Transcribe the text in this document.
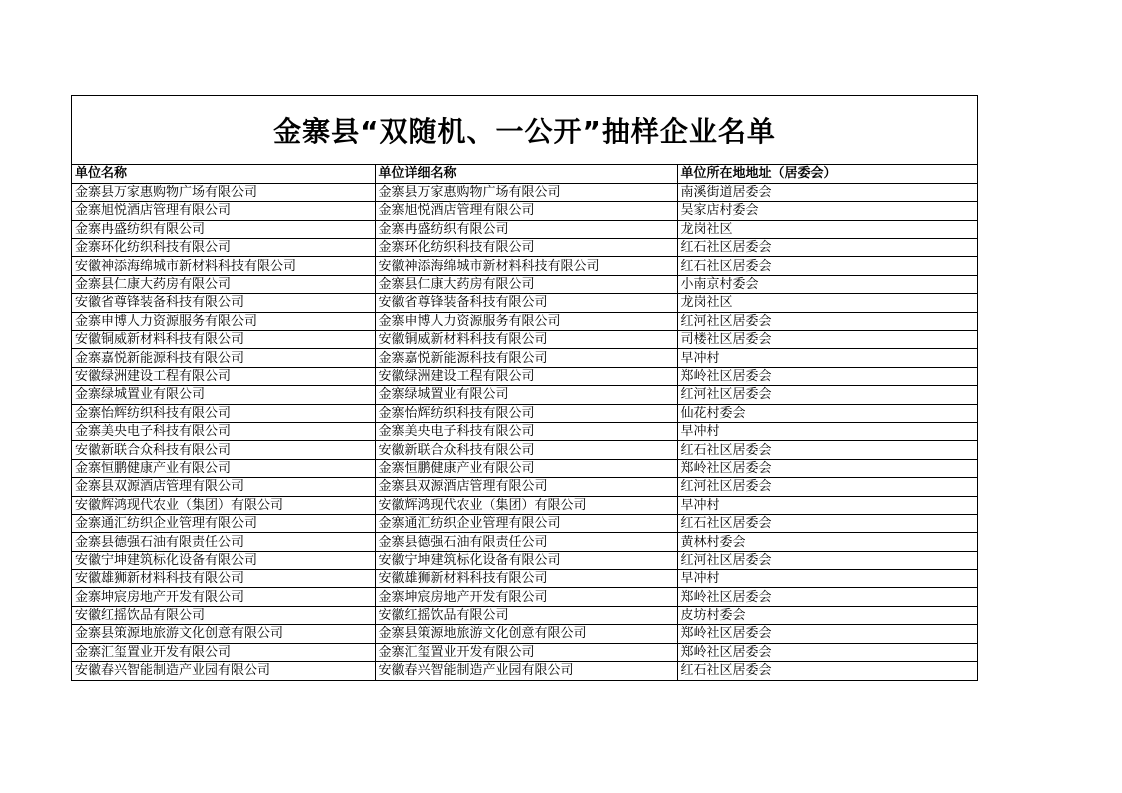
金寨县“双随机、一公开”抽样企业名单
单位名称	单位详细名称	单位所在地地址（居委会）
金寨县万家惠购物广场有限公司	金寨县万家惠购物广场有限公司	南溪街道居委会
金寨旭悦酒店管理有限公司	金寨旭悦酒店管理有限公司	吴家店村委会
金寨冉盛纺织有限公司	金寨冉盛纺织有限公司	龙岗社区
金寨环化纺织科技有限公司	金寨环化纺织科技有限公司	红石社区居委会
安徽神添海绵城市新材料科技有限公司	安徽神添海绵城市新材料科技有限公司	红石社区居委会
金寨县仁康大药房有限公司	金寨县仁康大药房有限公司	小南京村委会
安徽省尊锋装备科技有限公司	安徽省尊锋装备科技有限公司	龙岗社区
金寨申博人力资源服务有限公司	金寨申博人力资源服务有限公司	红河社区居委会
安徽铜威新材料科技有限公司	安徽铜威新材料科技有限公司	司楼社区居委会
金寨嘉悦新能源科技有限公司	金寨嘉悦新能源科技有限公司	早冲村
安徽绿洲建设工程有限公司	安徽绿洲建设工程有限公司	郑岭社区居委会
金寨绿城置业有限公司	金寨绿城置业有限公司	红河社区居委会
金寨怡辉纺织科技有限公司	金寨怡辉纺织科技有限公司	仙花村委会
金寨美央电子科技有限公司	金寨美央电子科技有限公司	早冲村
安徽新联合众科技有限公司	安徽新联合众科技有限公司	红石社区居委会
金寨恒鹏健康产业有限公司	金寨恒鹏健康产业有限公司	郑岭社区居委会
金寨县双源酒店管理有限公司	金寨县双源酒店管理有限公司	红河社区居委会
安徽辉鸿现代农业（集团）有限公司	安徽辉鸿现代农业（集团）有限公司	早冲村
金寨通汇纺织企业管理有限公司	金寨通汇纺织企业管理有限公司	红石社区居委会
金寨县德强石油有限责任公司	金寨县德强石油有限责任公司	黄林村委会
安徽宁坤建筑标化设备有限公司	安徽宁坤建筑标化设备有限公司	红河社区居委会
安徽雄狮新材料科技有限公司	安徽雄狮新材料科技有限公司	早冲村
金寨坤宸房地产开发有限公司	金寨坤宸房地产开发有限公司	郑岭社区居委会
安徽红摇饮品有限公司	安徽红摇饮品有限公司	皮坊村委会
金寨县策源地旅游文化创意有限公司	金寨县策源地旅游文化创意有限公司	郑岭社区居委会
金寨汇玺置业开发有限公司	金寨汇玺置业开发有限公司	郑岭社区居委会
安徽春兴智能制造产业园有限公司	安徽春兴智能制造产业园有限公司	红石社区居委会
